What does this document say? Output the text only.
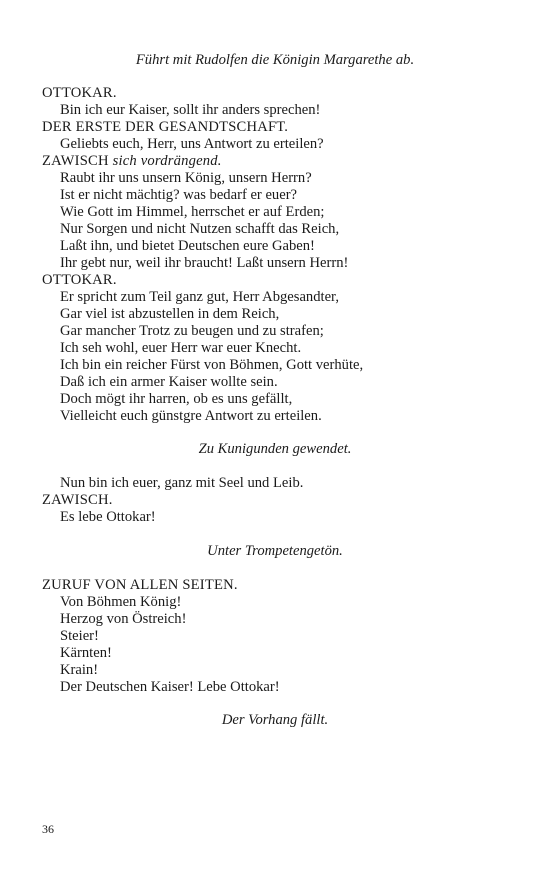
Führt mit Rudolfen die Königin Margarethe ab.
OTTOKAR.
Bin ich eur Kaiser, sollt ihr anders sprechen!
DER ERSTE DER GESANDTSCHAFT.
Geliebts euch, Herr, uns Antwort zu erteilen?
ZAWISCH sich vordrängend.
Raubt ihr uns unsern König, unsern Herrn?
Ist er nicht mächtig? was bedarf er euer?
Wie Gott im Himmel, herrschet er auf Erden;
Nur Sorgen und nicht Nutzen schafft das Reich,
Laßt ihn, und bietet Deutschen eure Gaben!
Ihr gebt nur, weil ihr braucht! Laßt unsern Herrn!
OTTOKAR.
Er spricht zum Teil ganz gut, Herr Abgesandter,
Gar viel ist abzustellen in dem Reich,
Gar mancher Trotz zu beugen und zu strafen;
Ich seh wohl, euer Herr war euer Knecht.
Ich bin ein reicher Fürst von Böhmen, Gott verhüte,
Daß ich ein armer Kaiser wollte sein.
Doch mögt ihr harren, ob es uns gefällt,
Vielleicht euch günstgre Antwort zu erteilen.
Zu Kunigunden gewendet.
Nun bin ich euer, ganz mit Seel und Leib.
ZAWISCH.
Es lebe Ottokar!
Unter Trompetengetön.
ZURUF VON ALLEN SEITEN.
Von Böhmen König!
Herzog von Östreich!
Steier!
Kärnten!
Krain!
Der Deutschen Kaiser! Lebe Ottokar!
Der Vorhang fällt.
36
